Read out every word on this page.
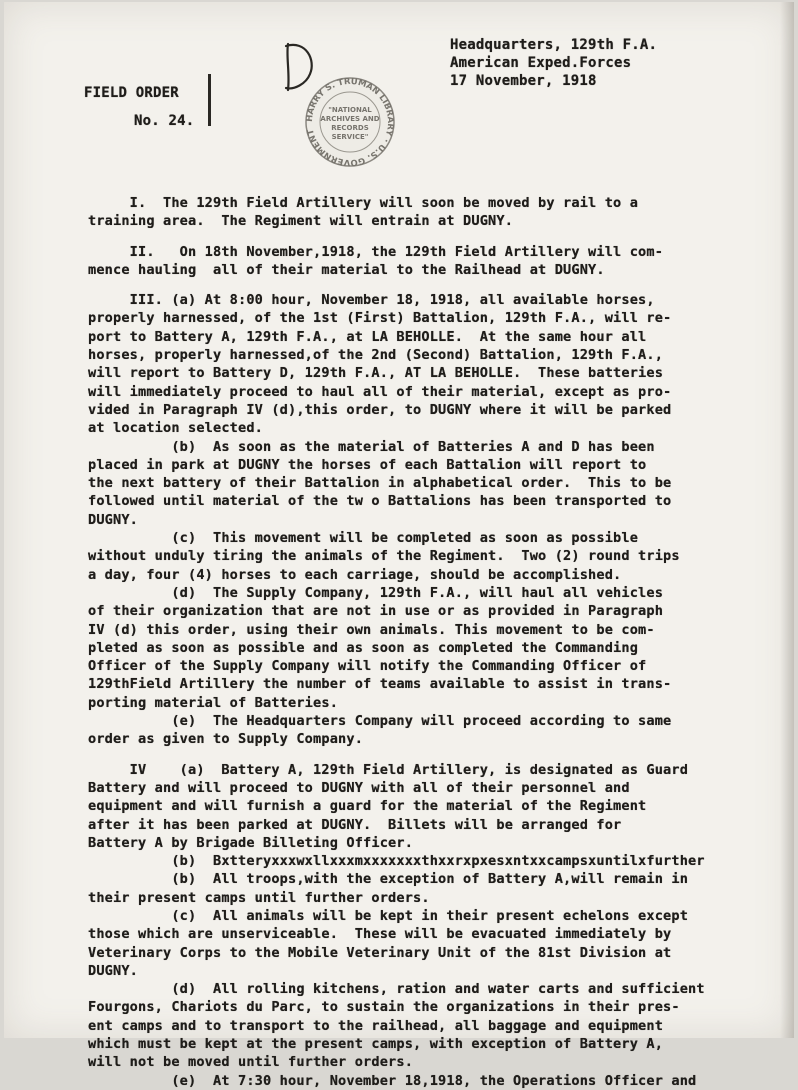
Headquarters, 129th F.A.
American Exped.Forces
17 November, 1918
FIELD ORDER
No. 24.	HARRY S. TRUMAN LIBRARY · U.S. GOVERNMENT
"NATIONAL
ARCHIVES AND
RECORDS
SERVICE"
I.  The 129th Field Artillery will soon be moved by rail to a
training area.  The Regiment will entrain at DUGNY.
II.   On 18th November,1918, the 129th Field Artillery will com-
mence hauling  all of their material to the Railhead at DUGNY.
III. (a) At 8:00 hour, November 18, 1918, all available horses,
properly harnessed, of the 1st (First) Battalion, 129th F.A., will re-
port to Battery A, 129th F.A., at LA BEHOLLE.  At the same hour all
horses, properly harnessed,of the 2nd (Second) Battalion, 129th F.A.,
will report to Battery D, 129th F.A., AT LA BEHOLLE.  These batteries
will immediately proceed to haul all of their material, except as pro-
vided in Paragraph IV (d),this order, to DUGNY where it will be parked
at location selected.
(b)  As soon as the material of Batteries A and D has been
placed in park at DUGNY the horses of each Battalion will report to
the next battery of their Battalion in alphabetical order.  This to be
followed until material of the tw o Battalions has been transported to
DUGNY.
(c)  This movement will be completed as soon as possible
without unduly tiring the animals of the Regiment.  Two (2) round trips
a day, four (4) horses to each carriage, should be accomplished.
(d)  The Supply Company, 129th F.A., will haul all vehicles
of their organization that are not in use or as provided in Paragraph
IV (d) this order, using their own animals. This movement to be com-
pleted as soon as possible and as soon as completed the Commanding
Officer of the Supply Company will notify the Commanding Officer of
129thField Artillery the number of teams available to assist in trans-
porting material of Batteries.
(e)  The Headquarters Company will proceed according to same
order as given to Supply Company.
IV    (a)  Battery A, 129th Field Artillery, is designated as Guard
Battery and will proceed to DUGNY with all of their personnel and
equipment and will furnish a guard for the material of the Regiment
after it has been parked at DUGNY.  Billets will be arranged for
Battery A by Brigade Billeting Officer.
(b)  Bxtteryxxxwxllxxxmxxxxxxxthxxrxpxesxntxxcampsxuntilxfurther
(b)  All troops,with the exception of Battery A,will remain in
their present camps until further orders.
(c)  All animals will be kept in their present echelons except
those which are unserviceable.  These will be evacuated immediately by
Veterinary Corps to the Mobile Veterinary Unit of the 81st Division at
DUGNY.
(d)  All rolling kitchens, ration and water carts and sufficient
Fourgons, Chariots du Parc, to sustain the organizations in their pres-
ent camps and to transport to the railhead, all baggage and equipment
which must be kept at the present camps, with exception of Battery A,
will not be moved until further orders.
(e)  At 7:30 hour, November 18,1918, the Operations Officer and
